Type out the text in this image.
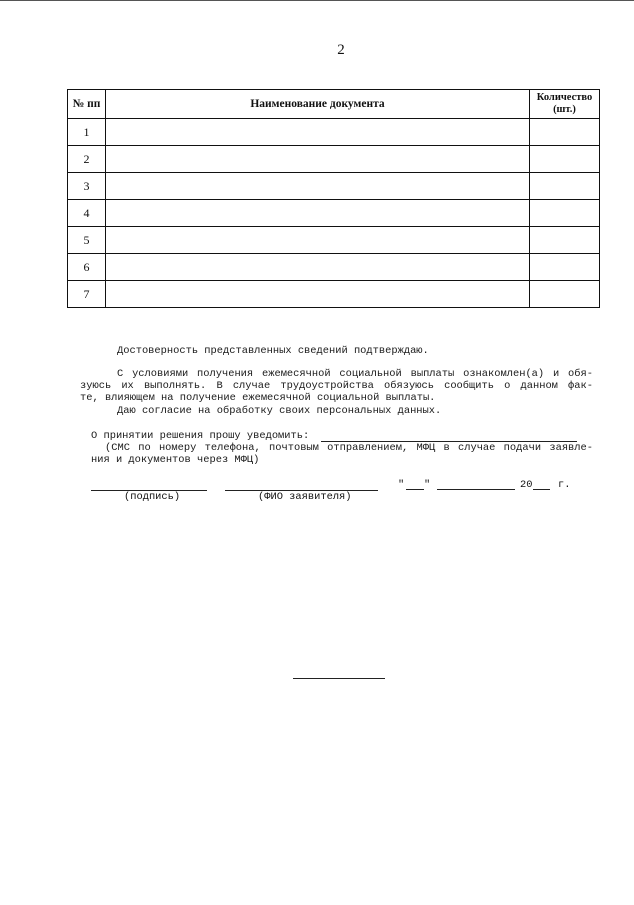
2
№ пп	Наименование документа	Количество
(шт.)

1		
2		
3		
4		
5		
6		
7		
Достоверность представленных сведений подтверждаю.
С условиями получения ежемесячной социальной выплаты ознакомлен(а) и обя-
зуюсь их выполнять. В случае трудоустройства обязуюсь сообщить о данном фак-
те, влияющем на получение ежемесячной социальной выплаты.
Даю согласие на обработку своих персональных данных.
О принятии решения прошу уведомить:
(СМС по номеру телефона, почтовым отправлением, МФЦ в случае подачи заявле-
ния и документов через МФЦ)
" "	20 г.
(подпись)	(ФИО заявителя)
